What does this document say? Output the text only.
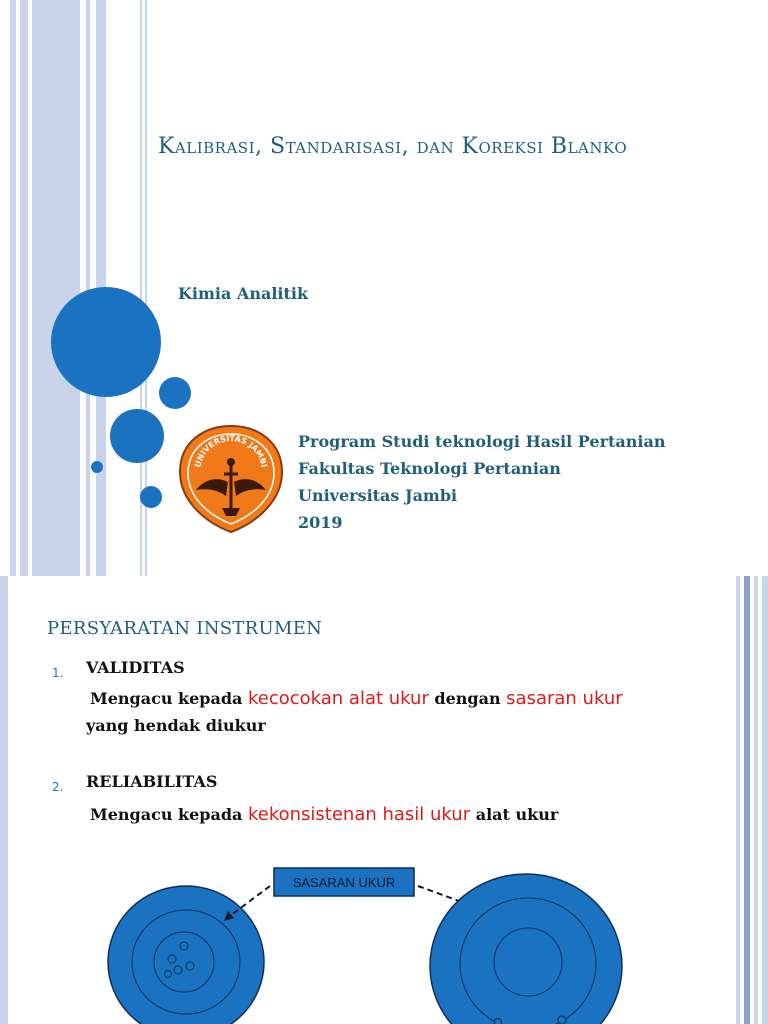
Kalibrasi, Standarisasi, dan Koreksi Blanko
Kimia Analitik
UNIVERSITAS JAMBI
Program Studi teknologi Hasil Pertanian
Fakultas Teknologi Pertanian
Universitas Jambi
2019
PERSYARATAN INSTRUMEN
1. VALIDITAS
Mengacu kepada kecocokan alat ukur dengan sasaran ukur
yang hendak diukur
2. RELIABILITAS
Mengacu kepada kekonsistenan hasil ukur alat ukur
SASARAN UKUR
